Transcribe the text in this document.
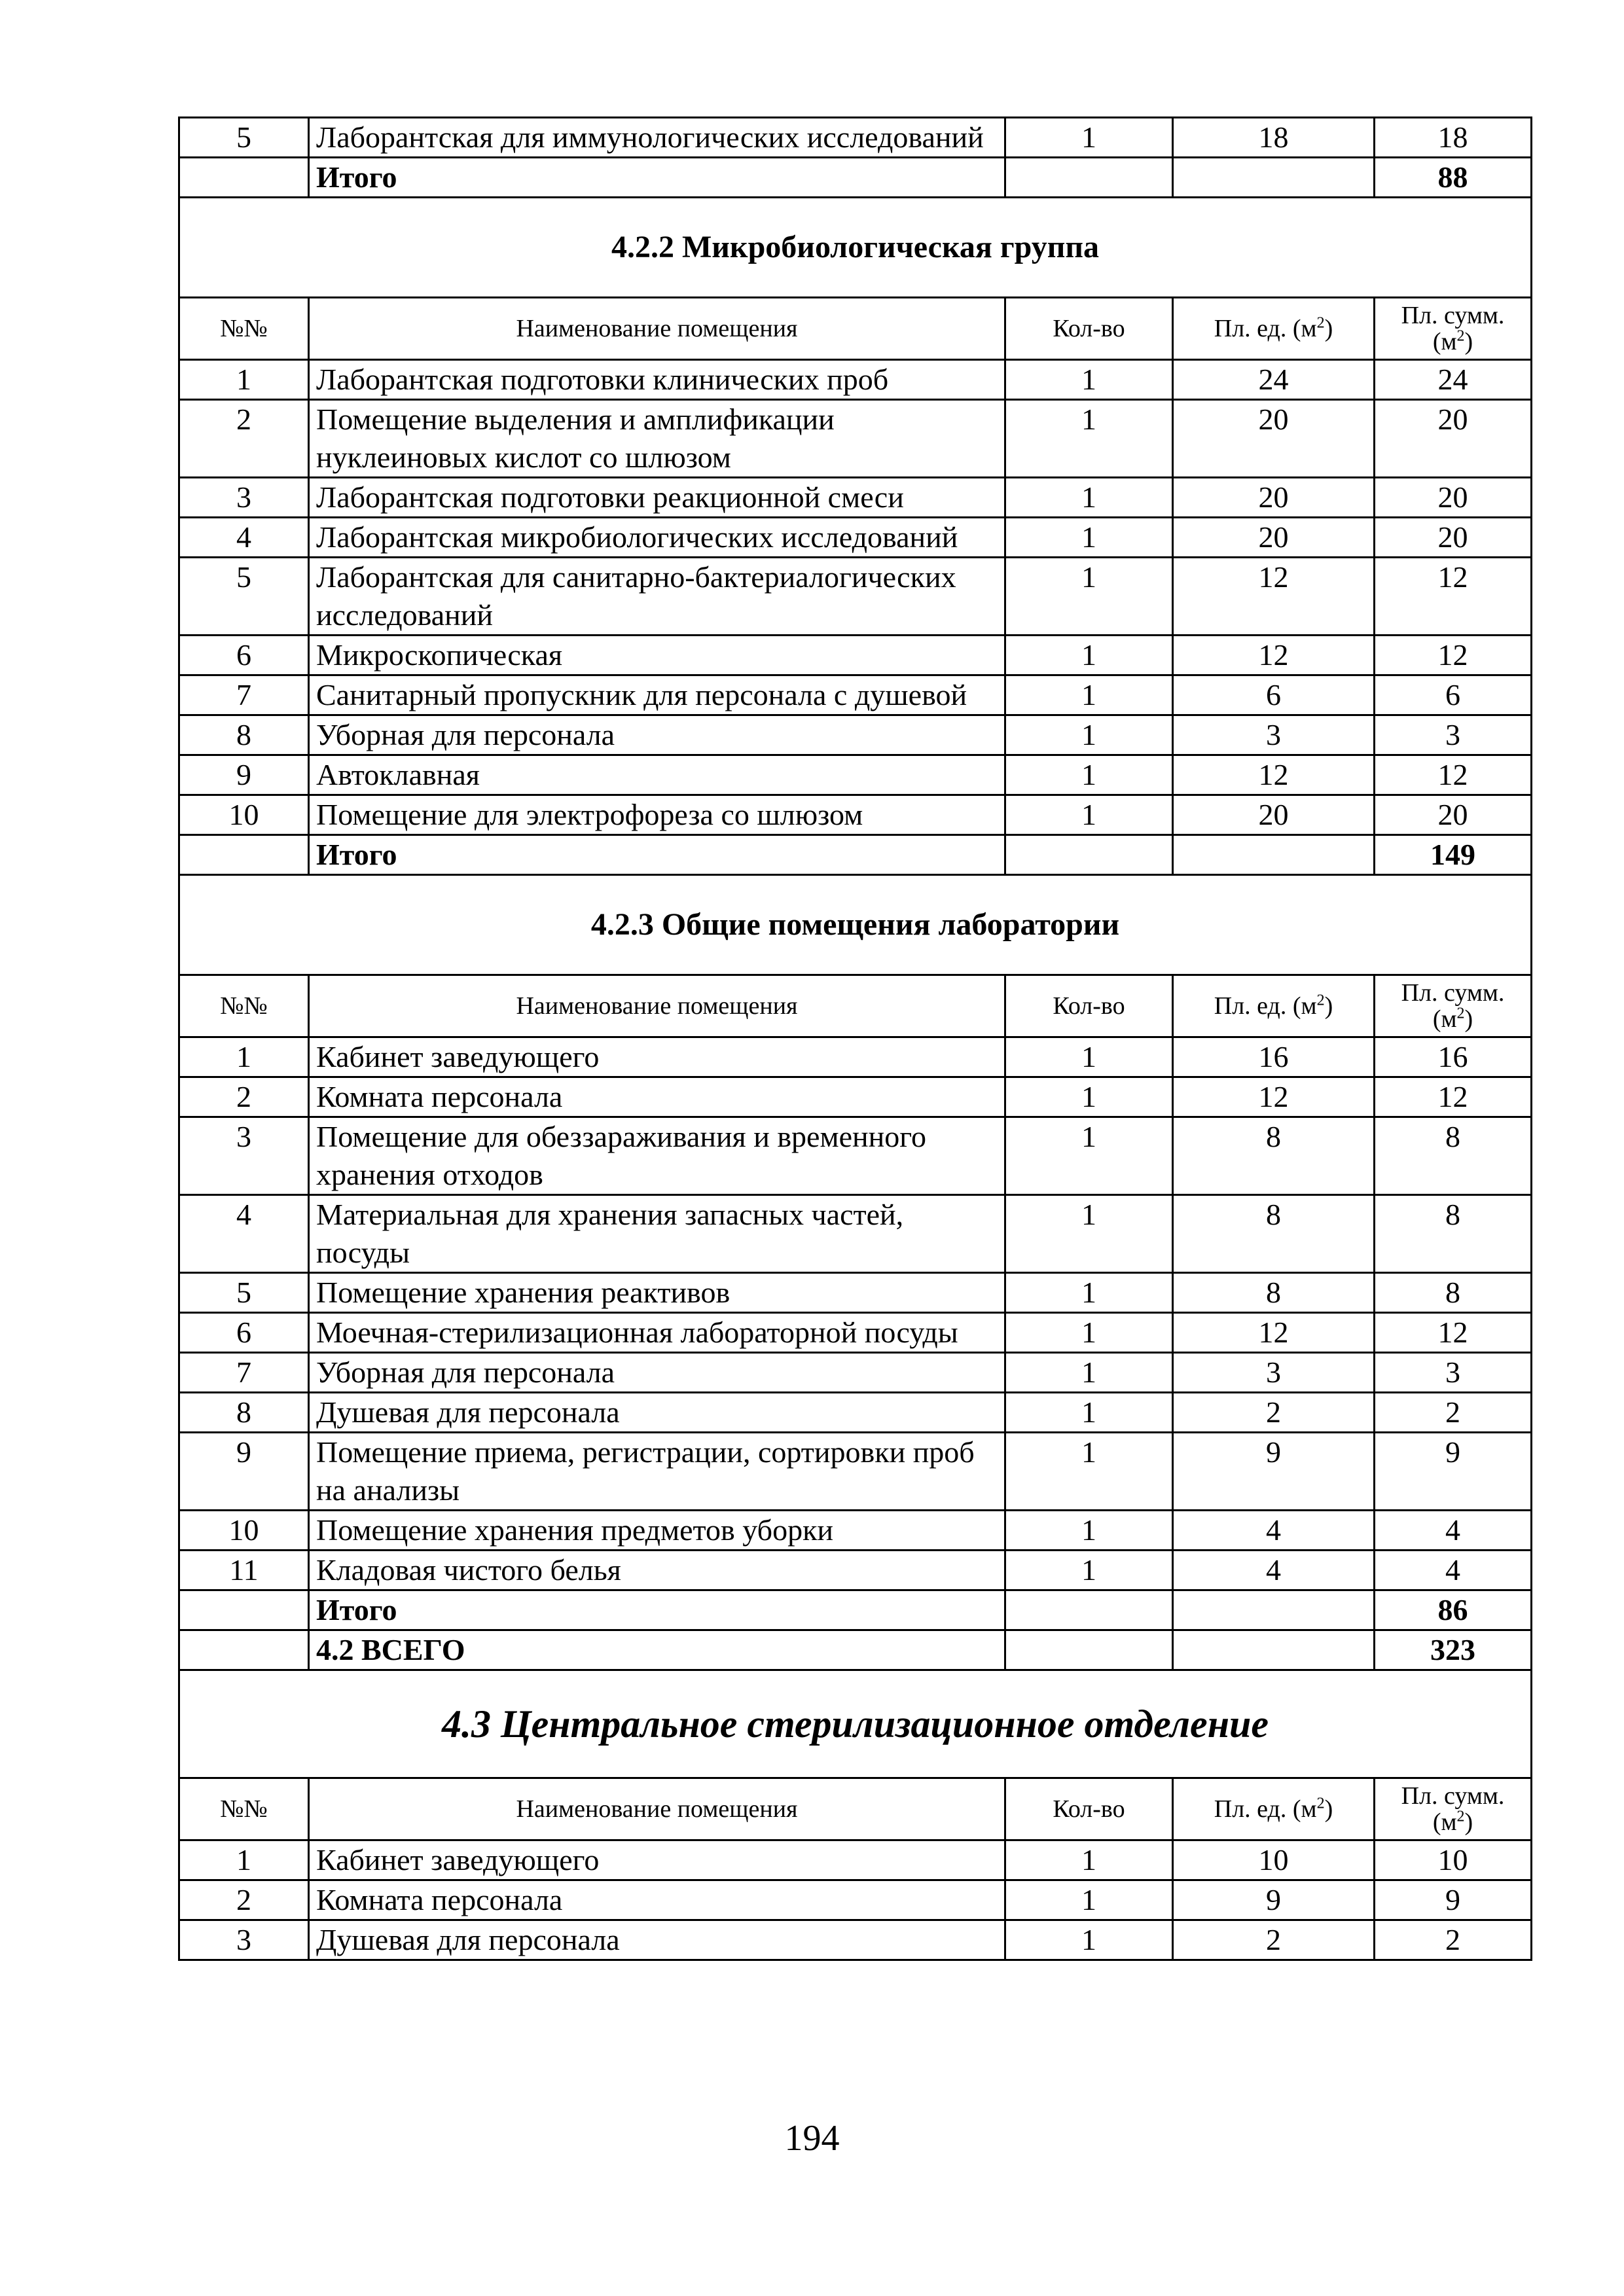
5	Лаборантская для иммунологических исследований	1	18	18
	Итого			88
4.2.2 Микробиологическая группа				
№№	Наименование помещения	Кол-во	Пл. ед. $(м^2)$	Пл. сумм.
$(м^2)$

1	Лаборантская подготовки клинических проб	1	24	24
2	Помещение выделения и амплификации нуклеиновых кислот со шлюзом	1	20	20
3	Лаборантская подготовки реакционной смеси	1	20	20
4	Лаборантская микробиологических исследований	1	20	20
5	Лаборантская для санитарно-бактериалогических исследований	1	12	12
6	Микроскопическая	1	12	12
7	Санитарный пропускник для персонала с душевой	1	6	6
8	Уборная для персонала	1	3	3
9	Автоклавная	1	12	12
10	Помещение для электрофореза со шлюзом	1	20	20
	Итого			149
4.2.3 Общие помещения лаборатории				
№№	Наименование помещения	Кол-во	Пл. ед. $(м^2)$	Пл. сумм.
$(м^2)$

1	Кабинет заведующего	1	16	16
2	Комната персонала	1	12	12
3	Помещение для обеззараживания и временного хранения отходов	1	8	8
4	Материальная для хранения запасных частей, посуды	1	8	8
5	Помещение хранения реактивов	1	8	8
6	Моечная-стерилизационная лабораторной посуды	1	12	12
7	Уборная для персонала	1	3	3
8	Душевая для персонала	1	2	2
9	Помещение приема, регистрации, сортировки проб на анализы	1	9	9
10	Помещение хранения предметов уборки	1	4	4
11	Кладовая чистого белья	1	4	4
	Итого			86
	4.2 ВСЕГО			323
4.3 Центральное стерилизационное отделение				
№№	Наименование помещения	Кол-во	Пл. ед. $(м^2)$	Пл. сумм.
$(м^2)$

1	Кабинет заведующего	1	10	10
2	Комната персонала	1	9	9
3	Душевая для персонала	1	2	2
194
